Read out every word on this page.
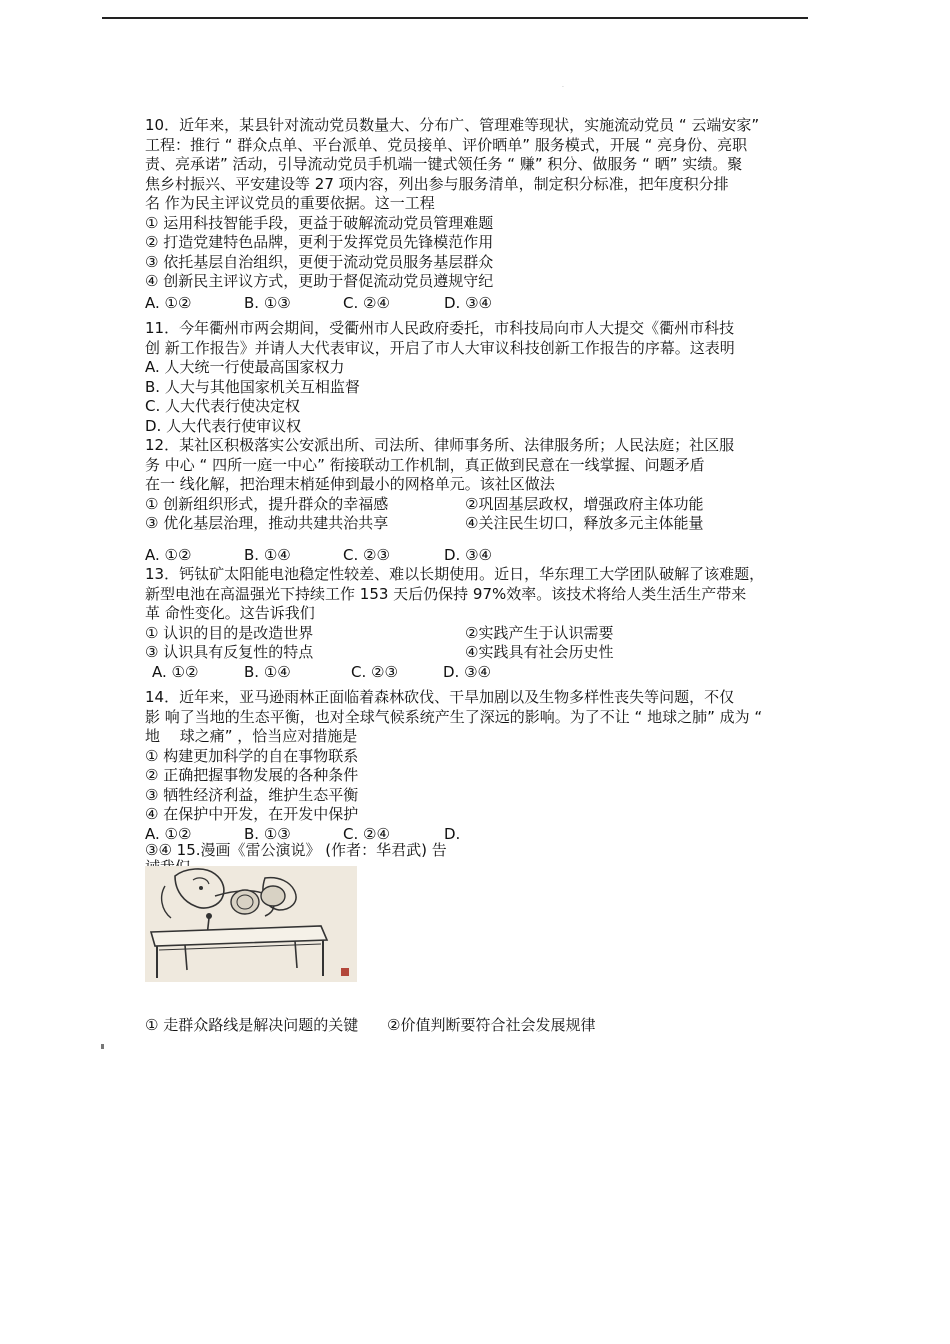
.

10．近年来，某县针对流动党员数量大、分布广、管理难等现状，实施流动党员 “ 云端安家”

工程：推行 “ 群众点单、平台派单、党员接单、评价晒单” 服务模式，开展 “ 亮身份、亮职

责、亮承诺” 活动，引导流动党员手机端一键式领任务 “ 赚” 积分、做服务 “ 晒” 实绩。聚

焦乡村振兴、平安建设等 27 项内容，列出参与服务清单，制定积分标准，把年度积分排

名 作为民主评议党员的重要依据。这一工程

① 运用科技智能手段，更益于破解流动党员管理难题

② 打造党建特色品牌，更利于发挥党员先锋模范作用

③ 依托基层自治组织，更便于流动党员服务基层群众

④ 创新民主评议方式，更助于督促流动党员遵规守纪

A. ①②	B. ①③	C. ②④	D. ③④

11．今年衢州市两会期间，受衢州市人民政府委托，市科技局向市人大提交《衢州市科技

创 新工作报告》并请人大代表审议，开启了市人大审议科技创新工作报告的序幕。这表明

A. 人大统一行使最高国家权力

B. 人大与其他国家机关互相监督

C. 人大代表行使决定权

D. 人大代表行使审议权

12．某社区积极落实公安派出所、司法所、律师事务所、法律服务所；人民法庭；社区服

务 中心 “ 四所一庭一中心” 衔接联动工作机制，真正做到民意在一线掌握、问题矛盾

在一 线化解，把治理末梢延伸到最小的网格单元。该社区做法

① 创新组织形式，提升群众的幸福感	②巩固基层政权，增强政府主体功能
③ 优化基层治理，推动共建共治共享	④关注民生切口，释放多元主体能量
A. ①②	B. ①④	C. ②③	D. ③④

13．钙钛矿太阳能电池稳定性较差、难以长期使用。近日，华东理工大学团队破解了该难题，

新型电池在高温强光下持续工作 153 天后仍保持 97%效率。该技术将给人类生活生产带来

革 命性变化。这告诉我们

① 认识的目的是改造世界	②实践产生于认识需要
③ 认识具有反复性的特点	④实践具有社会历史性
A. ①②	B. ①④	C. ②③	D. ③④

14．近年来，亚马逊雨林正面临着森林砍伐、干旱加剧以及生物多样性丧失等问题，不仅

影 响了当地的生态平衡，也对全球气候系统产生了深远的影响。为了不让 “ 地球之肺” 成为 “

地　 球之痛” ，恰当应对措施是

① 构建更加科学的自在事物联系

② 正确把握事物发展的各种条件

③ 牺牲经济利益，维护生态平衡

④ 在保护中开发，在开发中保护

A. ①②	B. ①③	C. ②④	D.

③④ 15.漫画《雷公演说》 (作者：华君武) 告

① 走群众路线是解决问题的关键 ②价值判断要符合社会发展规律
